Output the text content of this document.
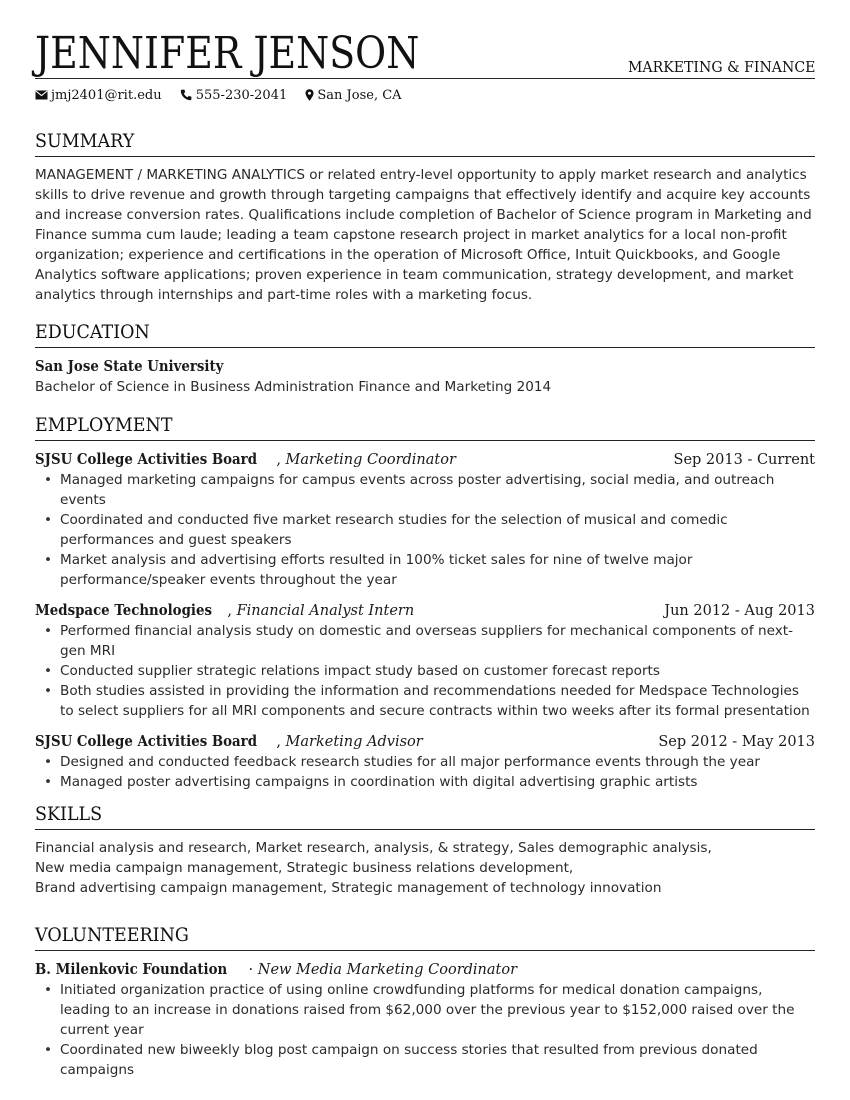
JENNIFER JENSON	MARKETING & FINANCE
jmj2401@rit.edu	555-230-2041 San Jose, CA
SUMMARY
MANAGEMENT / MARKETING ANALYTICS or related entry-level opportunity to apply market research and analytics skills to drive revenue and growth through targeting campaigns that effectively identify and acquire key accounts and increase conversion rates. Qualifications include completion of Bachelor of Science program in Marketing and Finance summa cum laude; leading a team capstone research project in market analytics for a local non-profit organization; experience and certifications in the operation of Microsoft Office, Intuit Quickbooks, and Google Analytics software applications; proven experience in team communication, strategy development, and market analytics through internships and part-time roles with a marketing focus.
EDUCATION
San Jose State University
Bachelor of Science in Business Administration Finance and Marketing 2014
EMPLOYMENT
SJSU College Activities Board , Marketing Coordinator	Sep 2013 - Current
• Managed marketing campaigns for campus events across poster advertising, social media, and outreach events
• Coordinated and conducted five market research studies for the selection of musical and comedic performances and guest speakers
• Market analysis and advertising efforts resulted in 100% ticket sales for nine of twelve major performance/speaker events throughout the year
Medspace Technologies , Financial Analyst Intern	Jun 2012 - Aug 2013
• Performed financial analysis study on domestic and overseas suppliers for mechanical components of next-gen MRI
• Conducted supplier strategic relations impact study based on customer forecast reports
• Both studies assisted in providing the information and recommendations needed for Medspace Technologies to select suppliers for all MRI components and secure contracts within two weeks after its formal presentation
SJSU College Activities Board , Marketing Advisor	Sep 2012 - May 2013
• Designed and conducted feedback research studies for all major performance events through the year
• Managed poster advertising campaigns in coordination with digital advertising graphic artists
SKILLS
Financial analysis and research, Market research, analysis, & strategy, Sales demographic analysis,
New media campaign management, Strategic business relations development,
Brand advertising campaign management, Strategic management of technology innovation
VOLUNTEERING
B. Milenkovic Foundation · New Media Marketing Coordinator
• Initiated organization practice of using online crowdfunding platforms for medical donation campaigns, leading to an increase in donations raised from $62,000 over the previous year to $152,000 raised over the current year
• Coordinated new biweekly blog post campaign on success stories that resulted from previous donated campaigns
